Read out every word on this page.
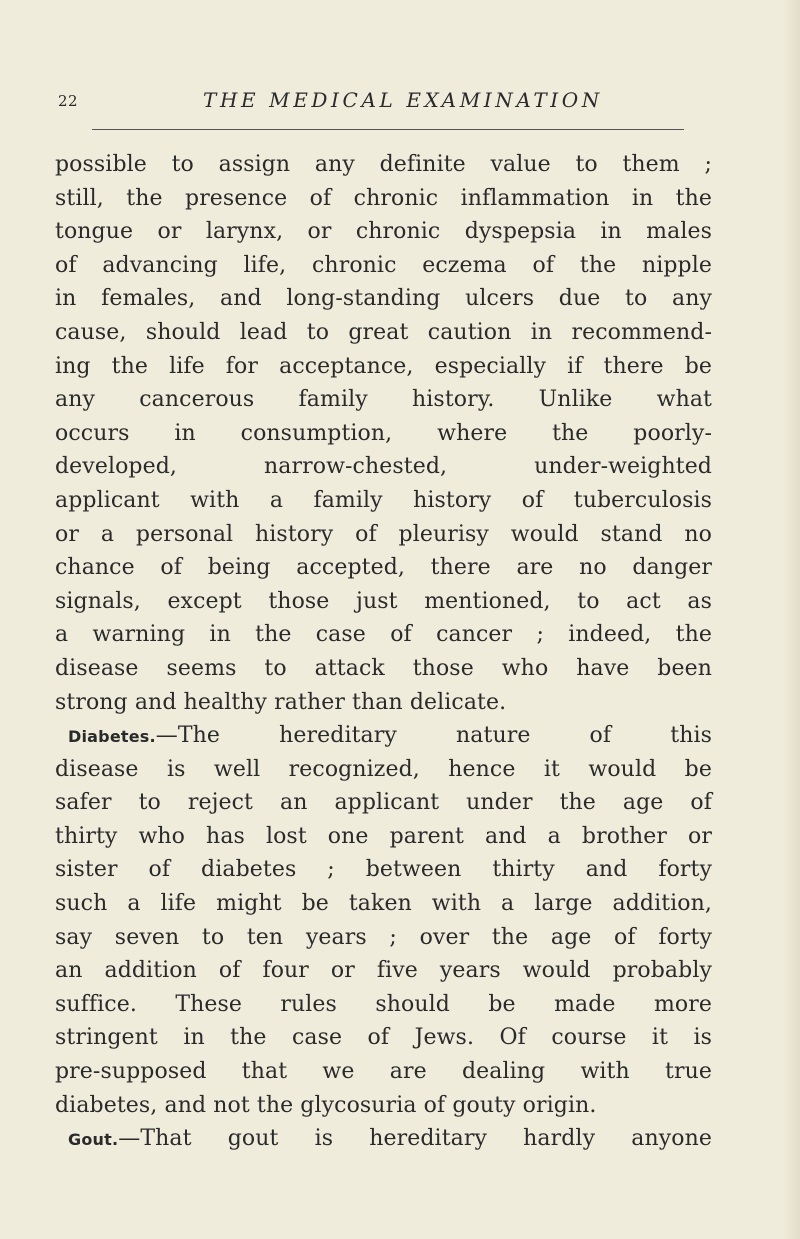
22	THE MEDICAL EXAMINATION
possible to assign any definite value to them ;
still, the presence of chronic inflammation in the
tongue or larynx, or chronic dyspepsia in males
of advancing life, chronic eczema of the nipple
in females, and long-standing ulcers due to any
cause, should lead to great caution in recommend-
ing the life for acceptance, especially if there be
any cancerous family history. Unlike what
occurs in consumption, where the poorly-
developed, narrow-chested, under-weighted
applicant with a family history of tuberculosis
or a personal history of pleurisy would stand no
chance of being accepted, there are no danger
signals, except those just mentioned, to act as
a warning in the case of cancer ; indeed, the
disease seems to attack those who have been
strong and healthy rather than delicate.
Diabetes.—The hereditary nature of this
disease is well recognized, hence it would be
safer to reject an applicant under the age of
thirty who has lost one parent and a brother or
sister of diabetes ; between thirty and forty
such a life might be taken with a large addition,
say seven to ten years ; over the age of forty
an addition of four or five years would probably
suffice. These rules should be made more
stringent in the case of Jews. Of course it is
pre-supposed that we are dealing with true
diabetes, and not the glycosuria of gouty origin.
Gout.—That gout is hereditary hardly anyone
